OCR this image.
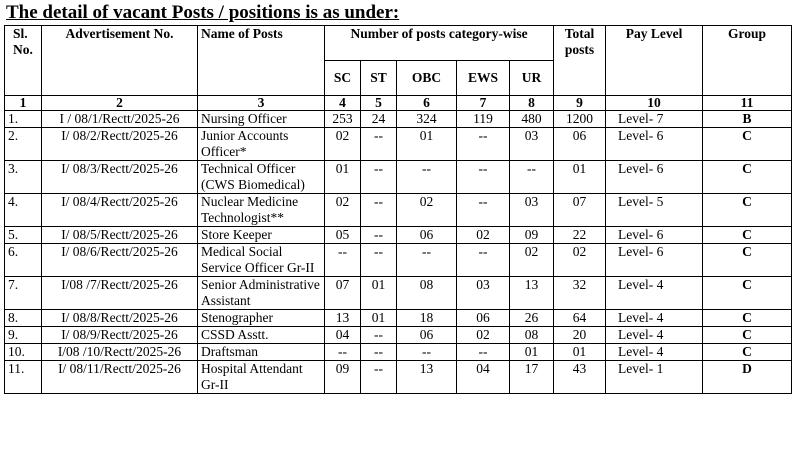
The detail of vacant Posts / positions is as under:
Sl. No.	Advertisement No.	Name of Posts	Number of posts category-wise					Total posts	Pay Level	Group
			SC	ST	OBC	EWS	UR			
1	2	3	4	5	6	7	8	9	10	11
1.	I / 08/1/Rectt/2025-26	Nursing Officer	253	24	324	119	480	1200	Level- 7	B
2.	I/ 08/2/Rectt/2025-26	Junior Accounts Officer*	02	--	01	--	03	06	Level- 6	C
3.	I/ 08/3/Rectt/2025-26	Technical Officer (CWS Biomedical)	01	--	--	--	--	01	Level- 6	C
4.	I/ 08/4/Rectt/2025-26	Nuclear Medicine Technologist**	02	--	02	--	03	07	Level- 5	C
5.	I/ 08/5/Rectt/2025-26	Store Keeper	05	--	06	02	09	22	Level- 6	C
6.	I/ 08/6/Rectt/2025-26	Medical Social Service Officer Gr-II	--	--	--	--	02	02	Level- 6	C
7.	I/08 /7/Rectt/2025-26	Senior Administrative Assistant	07	01	08	03	13	32	Level- 4	C
8.	I/ 08/8/Rectt/2025-26	Stenographer	13	01	18	06	26	64	Level- 4	C
9.	I/ 08/9/Rectt/2025-26	CSSD Asstt.	04	--	06	02	08	20	Level- 4	C
10.	I/08 /10/Rectt/2025-26	Draftsman	--	--	--	--	01	01	Level- 4	C
11.	I/ 08/11/Rectt/2025-26	Hospital Attendant Gr-II	09	--	13	04	17	43	Level- 1	D
